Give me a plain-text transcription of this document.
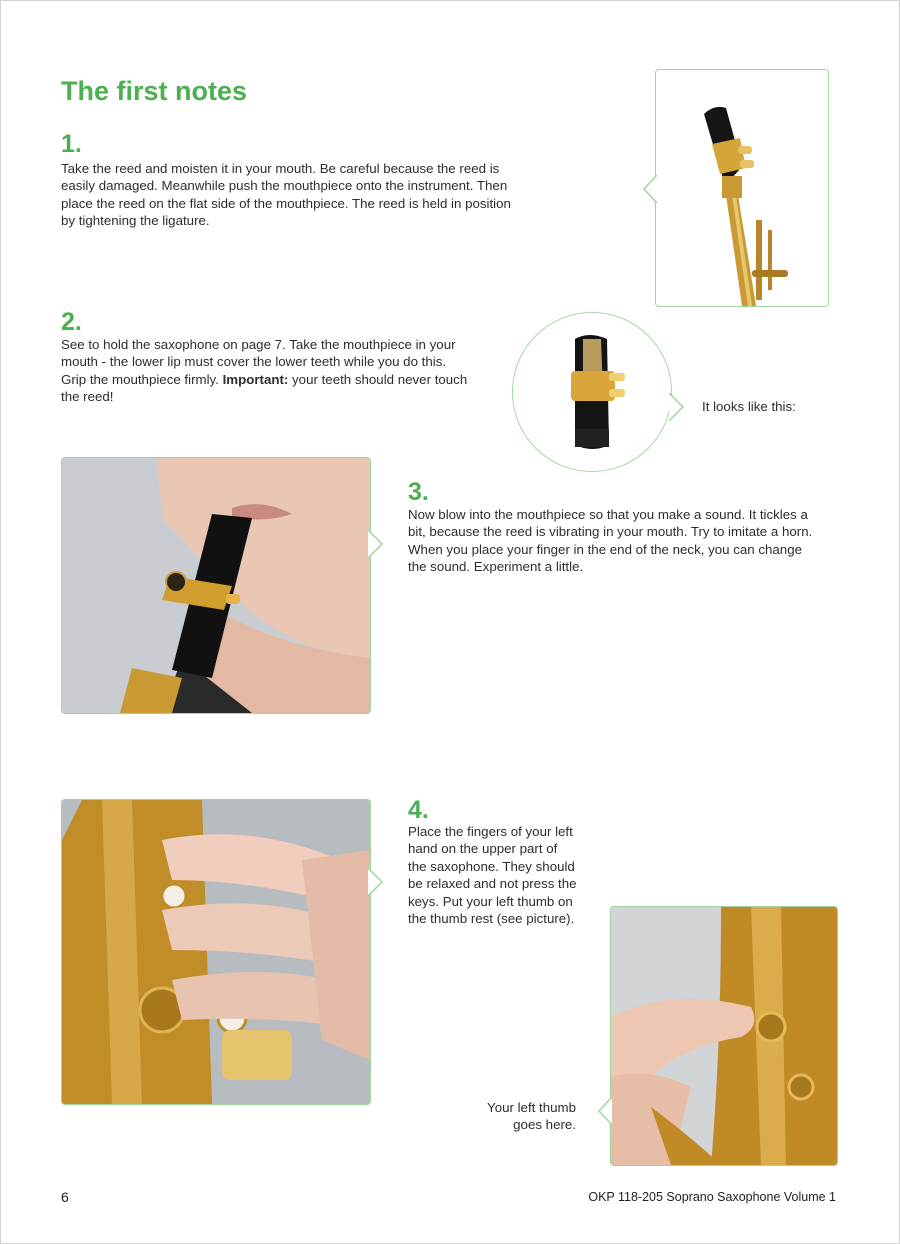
The first notes
1.

Take the reed and moisten it in your mouth. Be careful because the reed is easily damaged. Meanwhile push the mouthpiece onto the instrument. Then place the reed on the flat side of the mouthpiece. The reed is held in position by tightening the ligature.

2.

See to hold the saxophone on page 7. Take the mouthpiece in your mouth - the lower lip must cover the lower teeth while you do this. Grip the mouthpiece firmly. Important: your teeth should never touch the reed!

It looks like this:
3.

Now blow into the mouthpiece so that you make a sound. It tickles a bit, because the reed is vibrating in your mouth. Try to imitate a horn. When you place your finger in the end of the neck, you can change the sound. Experiment a little.

4.

Place the fingers of your left hand on the upper part of the saxophone. They should be relaxed and not press the keys. Put your left thumb on the thumb rest (see picture).

Your left thumb goes here.
6	OKP 118-205 Soprano Saxophone Volume 1
